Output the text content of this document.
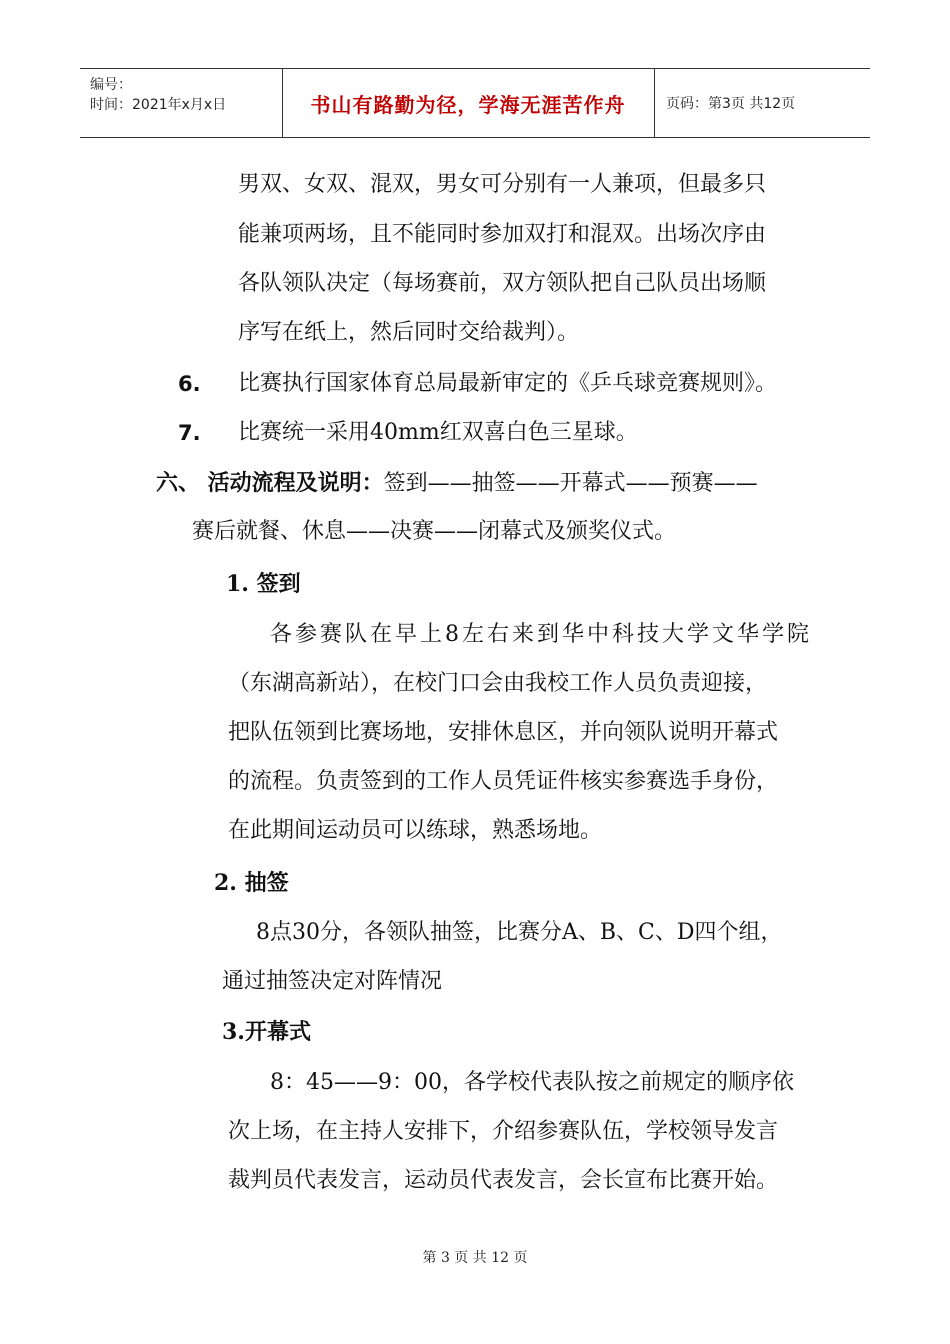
编号：
时间：2021年x月x日	书山有路勤为径，学海无涯苦作舟	页码：第3页 共12页
男双、女双、混双，男女可分别有一人兼项，但最多只
能兼项两场，且不能同时参加双打和混双。出场次序由
各队领队决定（每场赛前，双方领队把自己队员出场顺
序写在纸上，然后同时交给裁判）。
6. 比赛执行国家体育总局最新审定的《乒乓球竞赛规则》。
7. 比赛统一采用40mm红双喜白色三星球。
六、 活动流程及说明：签到——抽签——开幕式——预赛——
赛后就餐、休息——决赛——闭幕式及颁奖仪式。
1. 签到
各参赛队在早上8左右来到华中科技大学文华学院
（东湖高新站），在校门口会由我校工作人员负责迎接，
把队伍领到比赛场地，安排休息区，并向领队说明开幕式
的流程。负责签到的工作人员凭证件核实参赛选手身份，
在此期间运动员可以练球，熟悉场地。
2. 抽签
8点30分，各领队抽签，比赛分A、B、C、D四个组，
通过抽签决定对阵情况
3.开幕式
8：45——9：00，各学校代表队按之前规定的顺序依
次上场，在主持人安排下，介绍参赛队伍，学校领导发言
裁判员代表发言，运动员代表发言，会长宣布比赛开始。
第 3 页 共 12 页
